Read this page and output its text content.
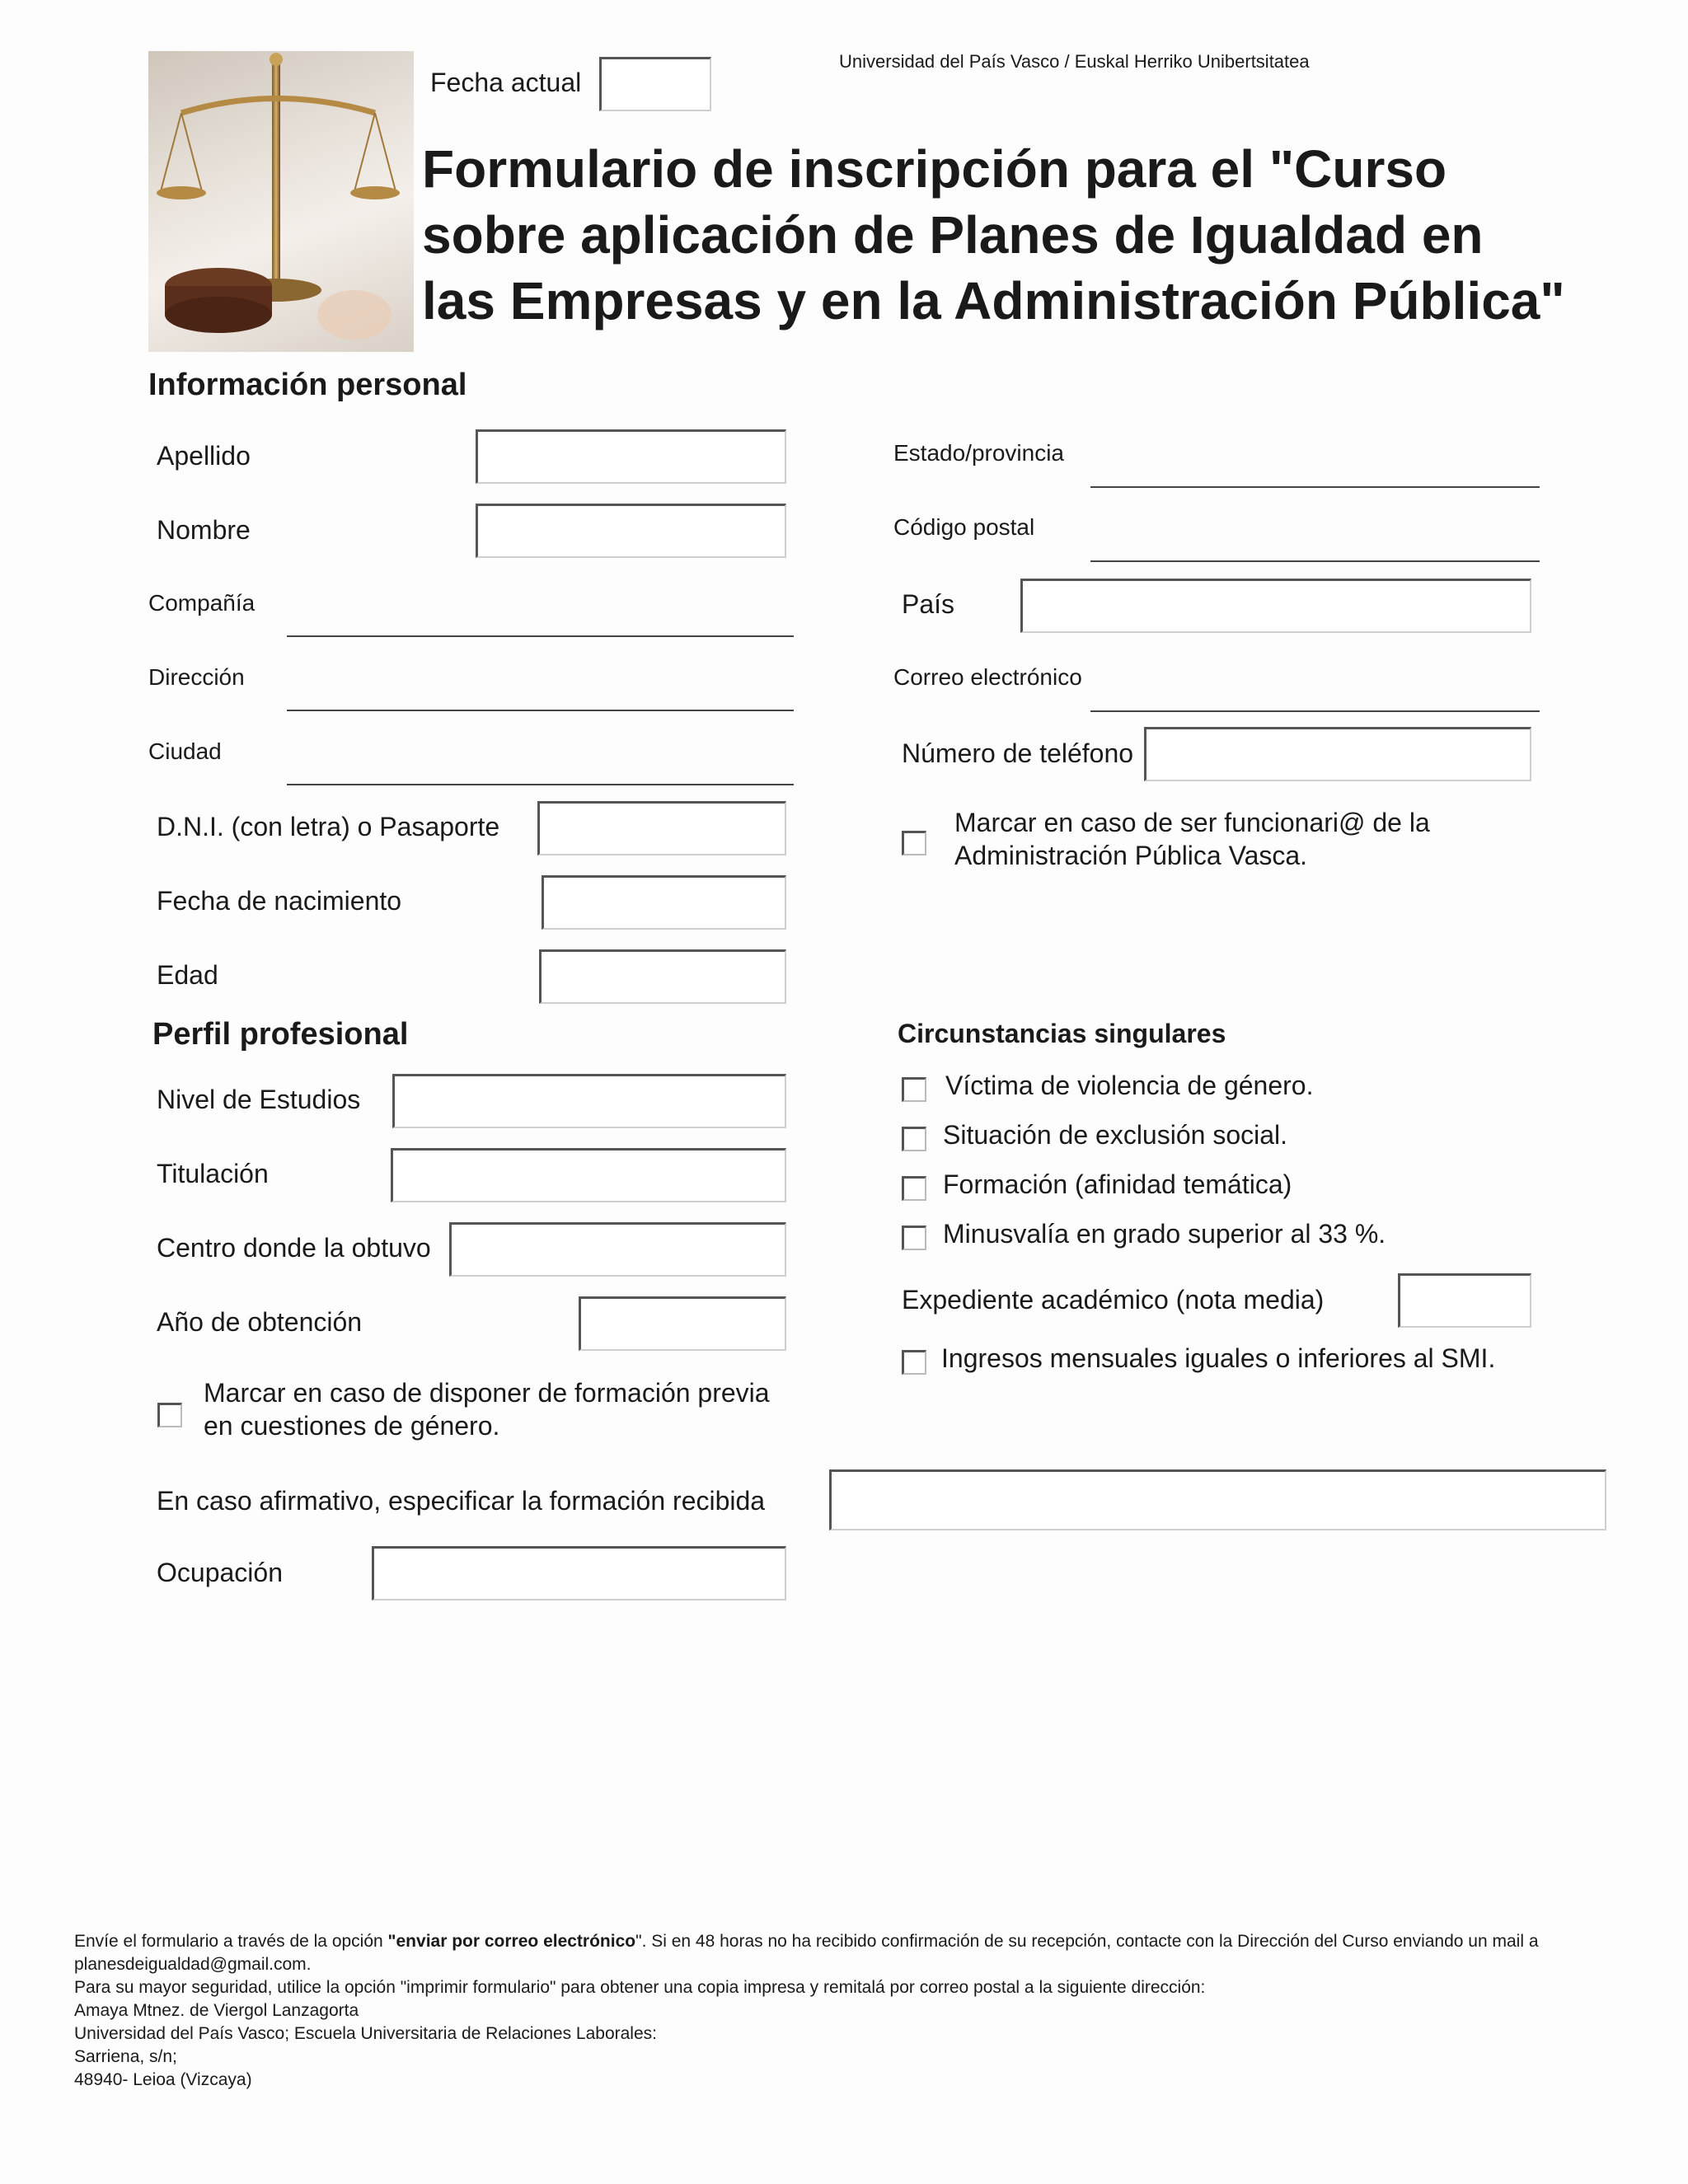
Fecha actual
Universidad del País Vasco / Euskal Herriko Unibertsitatea
Formulario de inscripción para el "Curso
sobre aplicación de Planes de Igualdad en
las Empresas y en la Administración Pública"
Información personal
Apellido
Nombre
Compañía
Dirección
Ciudad
D.N.I. (con letra) o Pasaporte
Fecha de nacimiento
Edad
Estado/provincia
Código postal
País
Correo electrónico
Número de teléfono
Marcar en caso de ser funcionari@ de la
Administración Pública Vasca.
Perfil profesional
Nivel de Estudios
Titulación
Centro donde la obtuvo
Año de obtención
Marcar en caso de disponer de formación previa
en cuestiones de género.
En caso afirmativo, especificar la formación recibida
Ocupación
Circunstancias singulares
Víctima de violencia de género.
Situación de exclusión social.
Formación (afinidad temática)
Minusvalía en grado superior al 33 %.
Expediente académico (nota media)
Ingresos mensuales iguales o inferiores al SMI.
Envíe el formulario a través de la opción "enviar por correo electrónico". Si en 48 horas no ha recibido confirmación de su recepción, contacte con la Dirección del Curso enviando un mail a
planesdeigualdad@gmail.com.
Para su mayor seguridad, utilice la opción "imprimir formulario" para obtener una copia impresa y remitalá por correo postal a la siguiente dirección:
Amaya Mtnez. de Viergol Lanzagorta
Universidad del País Vasco; Escuela Universitaria de Relaciones Laborales:
Sarriena, s/n;
48940- Leioa (Vizcaya)
